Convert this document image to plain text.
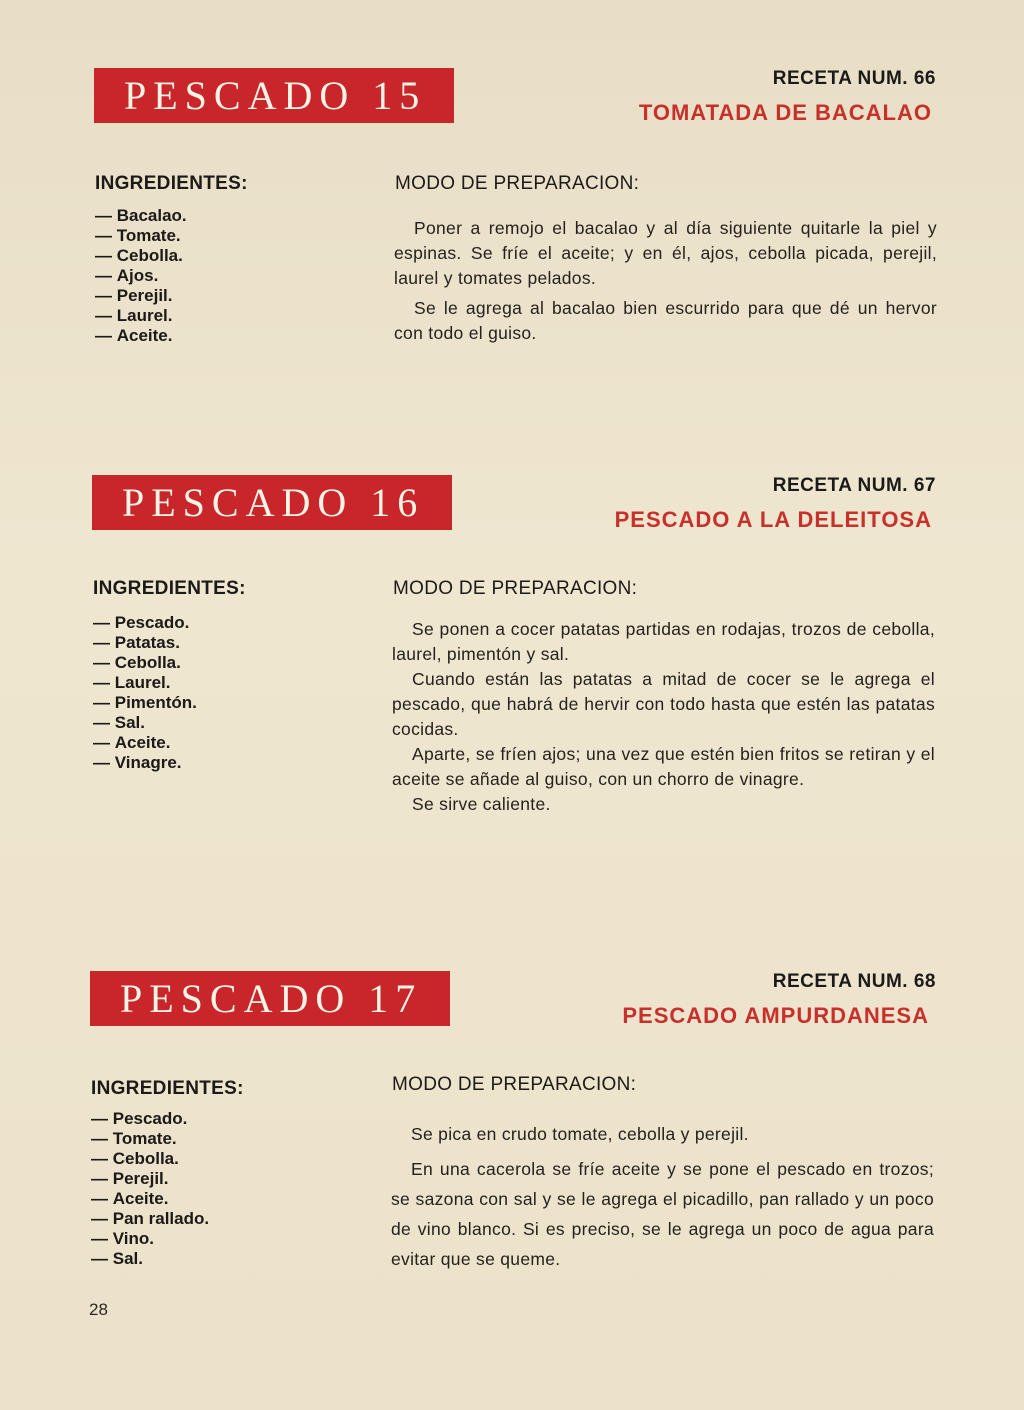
PESCADO 15	RECETA NUM. 66
TOMATADA DE BACALAO
INGREDIENTES:
— Bacalao.
— Tomate.
— Cebolla.
— Ajos.
— Perejil.
— Laurel.
— Aceite.
MODO DE PREPARACION:

Poner a remojo el bacalao y al día siguiente quitarle la piel y espinas. Se fríe el aceite; y en él, ajos, cebolla picada, perejil, laurel y tomates pelados.

Se le agrega al bacalao bien escurrido para que dé un hervor con todo el guiso.

PESCADO 16	RECETA NUM. 67
PESCADO A LA DELEITOSA
INGREDIENTES:
— Pescado.
— Patatas.
— Cebolla.
— Laurel.
— Pimentón.
— Sal.
— Aceite.
— Vinagre.
MODO DE PREPARACION:

Se ponen a cocer patatas partidas en rodajas, trozos de cebolla, laurel, pimentón y sal.

Cuando están las patatas a mitad de cocer se le agrega el pescado, que habrá de hervir con todo hasta que estén las patatas cocidas.

Aparte, se fríen ajos; una vez que estén bien fritos se retiran y el aceite se añade al guiso, con un chorro de vinagre.

Se sirve caliente.

PESCADO 17	RECETA NUM. 68
PESCADO AMPURDANESA
INGREDIENTES:
— Pescado.
— Tomate.
— Cebolla.
— Perejil.
— Aceite.
— Pan rallado.
— Vino.
— Sal.
MODO DE PREPARACION:

Se pica en crudo tomate, cebolla y perejil.

En una cacerola se fríe aceite y se pone el pescado en trozos; se sazona con sal y se le agrega el picadillo, pan rallado y un poco de vino blanco. Si es preciso, se le agrega un poco de agua para evitar que se queme.

28
